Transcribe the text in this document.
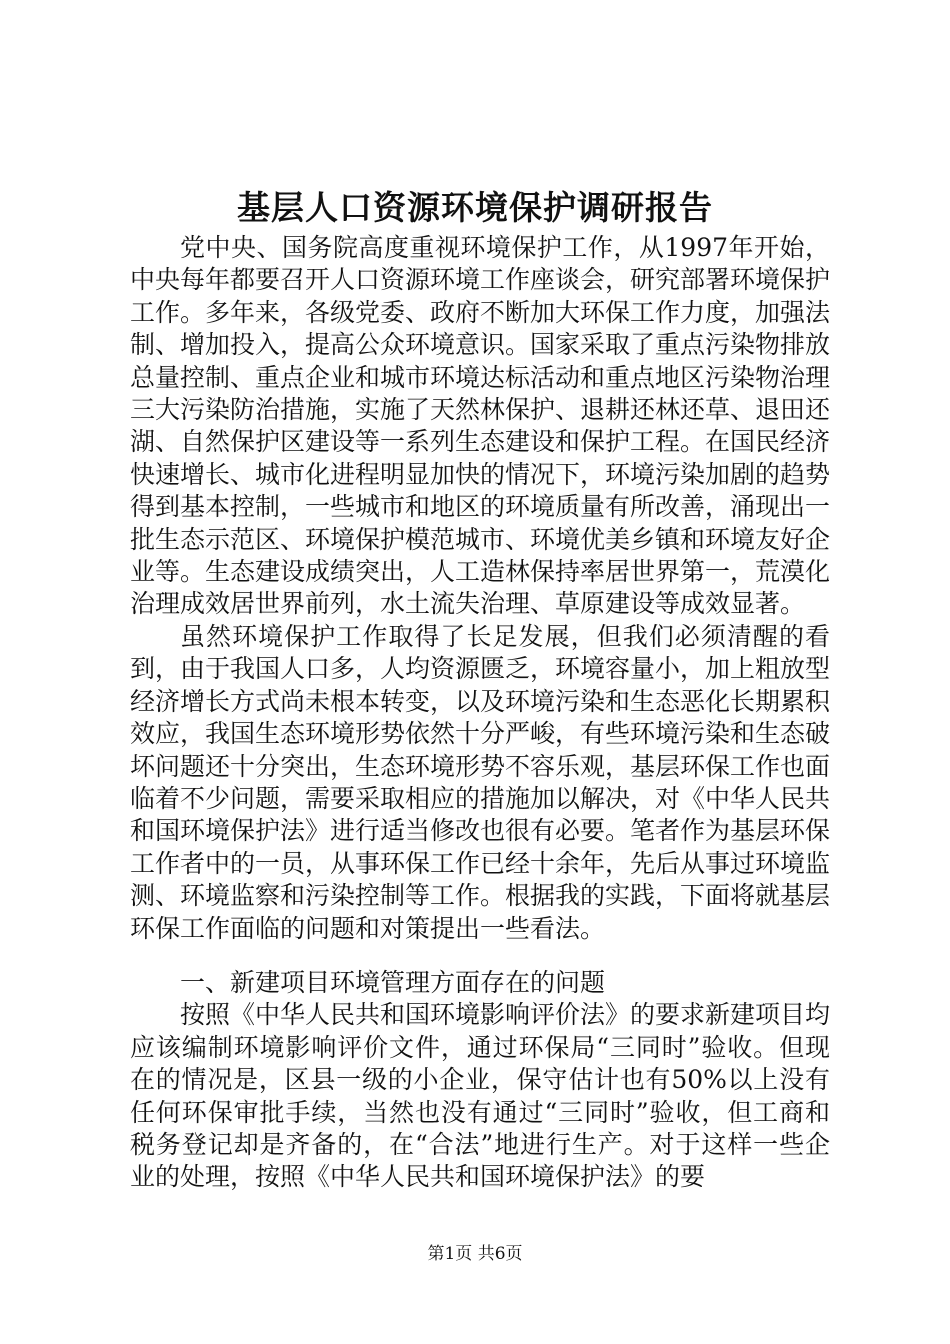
基层人口资源环境保护调研报告

党中央、国务院高度重视环境保护工作，从1997年开始，中央每年都要召开人口资源环境工作座谈会，研究部署环境保护工作。多年来，各级党委、政府不断加大环保工作力度，加强法制、增加投入，提高公众环境意识。国家采取了重点污染物排放总量控制、重点企业和城市环境达标活动和重点地区污染物治理三大污染防治措施，实施了天然林保护、退耕还林还草、退田还湖、自然保护区建设等一系列生态建设和保护工程。在国民经济快速增长、城市化进程明显加快的情况下，环境污染加剧的趋势得到基本控制，一些城市和地区的环境质量有所改善，涌现出一批生态示范区、环境保护模范城市、环境优美乡镇和环境友好企业等。生态建设成绩突出，人工造林保持率居世界第一，荒漠化治理成效居世界前列，水土流失治理、草原建设等成效显著。

虽然环境保护工作取得了长足发展，但我们必须清醒的看到，由于我国人口多，人均资源匮乏，环境容量小，加上粗放型经济增长方式尚未根本转变，以及环境污染和生态恶化长期累积效应，我国生态环境形势依然十分严峻，有些环境污染和生态破坏问题还十分突出，生态环境形势不容乐观，基层环保工作也面临着不少问题，需要采取相应的措施加以解决，对《中华人民共和国环境保护法》进行适当修改也很有必要。笔者作为基层环保工作者中的一员，从事环保工作已经十余年，先后从事过环境监测、环境监察和污染控制等工作。根据我的实践，下面将就基层环保工作面临的问题和对策提出一些看法。

一、新建项目环境管理方面存在的问题

按照《中华人民共和国环境影响评价法》的要求新建项目均应该编制环境影响评价文件，通过环保局“三同时”验收。但现在的情况是，区县一级的小企业，保守估计也有50%以上没有任何环保审批手续，当然也没有通过“三同时”验收，但工商和税务登记却是齐备的，在“合法”地进行生产。对于这样一些企业的处理，按照《中华人民共和国环境保护法》的要

第1页 共6页
